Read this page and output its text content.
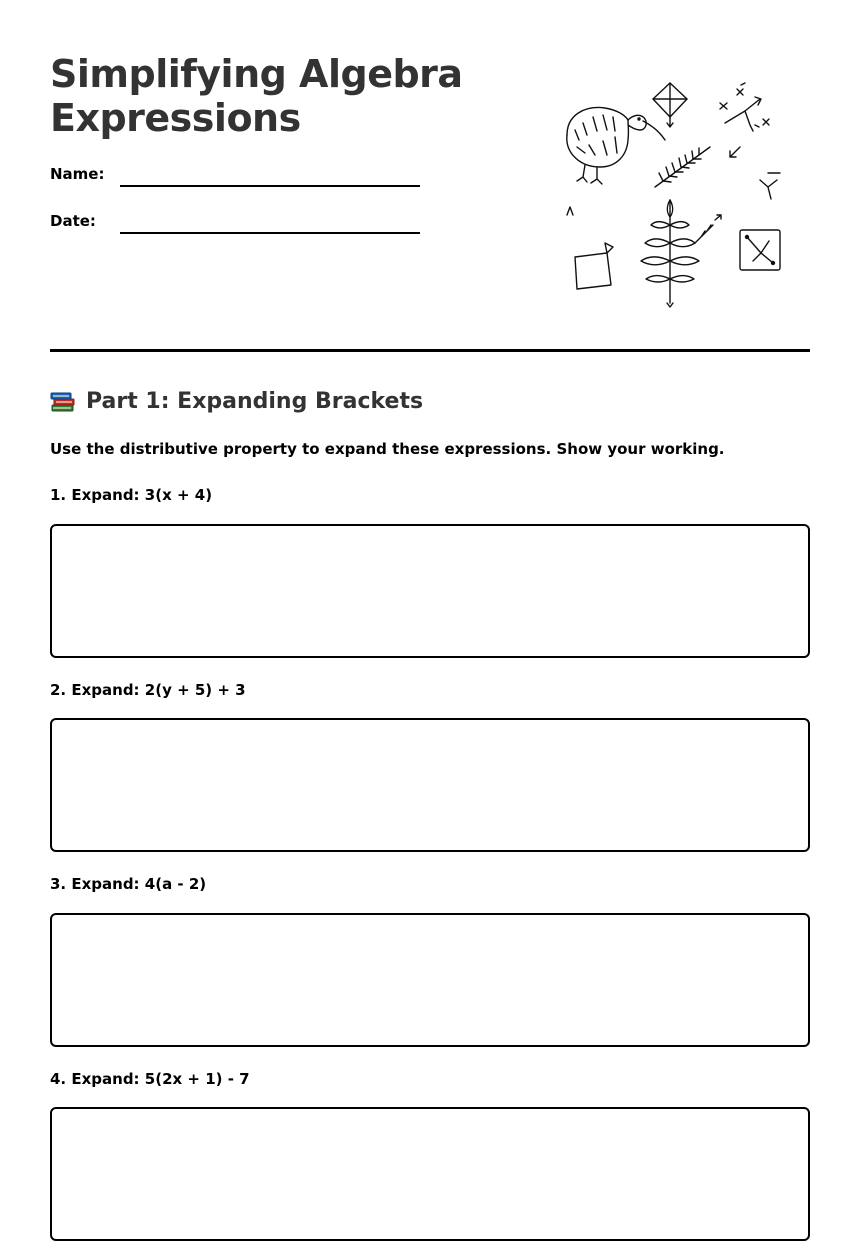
Simplifying Algebra
Expressions
Name:
Date:
Part 1: Expanding Brackets
Use the distributive property to expand these expressions. Show your working.
1. Expand: 3(x + 4)
2. Expand: 2(y + 5) + 3
3. Expand: 4(a - 2)
4. Expand: 5(2x + 1) - 7
